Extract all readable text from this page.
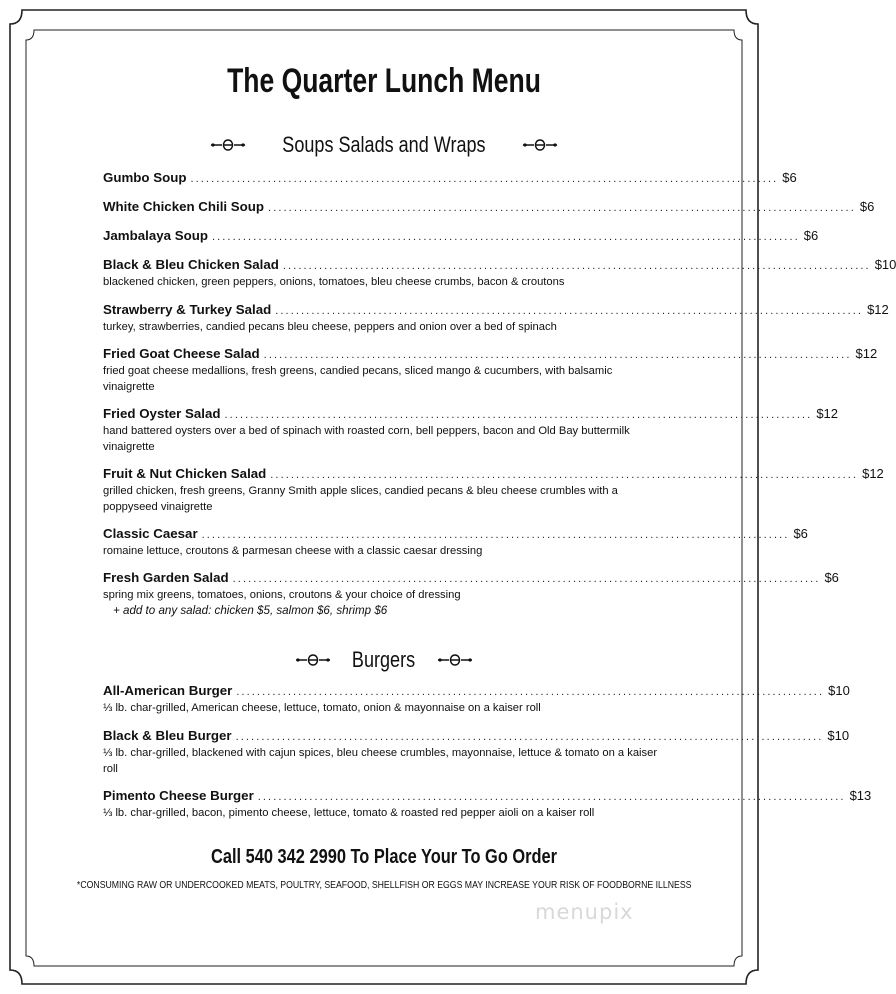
The Quarter Lunch Menu
Soups Salads and Wraps
Gumbo Soup .................................................................................................................. $6
White Chicken Chili Soup .................................................................................................................. $6
Jambalaya Soup .................................................................................................................. $6
Black & Bleu Chicken Salad .................................................................................................................. $10
blackened chicken, green peppers, onions, tomatoes, bleu cheese crumbs, bacon & croutons
Strawberry & Turkey Salad .................................................................................................................. $12
turkey, strawberries, candied pecans bleu cheese, peppers and onion over a bed of spinach
Fried Goat Cheese Salad .................................................................................................................. $12
fried goat cheese medallions, fresh greens, candied pecans, sliced mango & cucumbers, with balsamic vinaigrette
Fried Oyster Salad .................................................................................................................. $12
hand battered oysters over a bed of spinach with roasted corn, bell peppers, bacon and Old Bay buttermilk vinaigrette
Fruit & Nut Chicken Salad .................................................................................................................. $12
grilled chicken, fresh greens, Granny Smith apple slices, candied pecans & bleu cheese crumbles with a poppyseed vinaigrette
Classic Caesar .................................................................................................................. $6
romaine lettuce, croutons & parmesan cheese with a classic caesar dressing
Fresh Garden Salad .................................................................................................................. $6
spring mix greens, tomatoes, onions, croutons & your choice of dressing
+ add to any salad: chicken $5, salmon $6, shrimp $6
Burgers
All-American Burger .................................................................................................................. $10
⅓ lb. char-grilled, American cheese, lettuce, tomato, onion & mayonnaise on a kaiser roll
Black & Bleu Burger .................................................................................................................. $10
⅓ lb. char-grilled, blackened with cajun spices, bleu cheese crumbles, mayonnaise, lettuce & tomato on a kaiser roll
Pimento Cheese Burger .................................................................................................................. $13
⅓ lb. char-grilled, bacon, pimento cheese, lettuce, tomato & roasted red pepper aioli on a kaiser roll
Call 540 342 2990 To Place Your To Go Order
*CONSUMING RAW OR UNDERCOOKED MEATS, POULTRY, SEAFOOD, SHELLFISH OR EGGS MAY INCREASE YOUR RISK OF FOODBORNE ILLNESS
menupix
